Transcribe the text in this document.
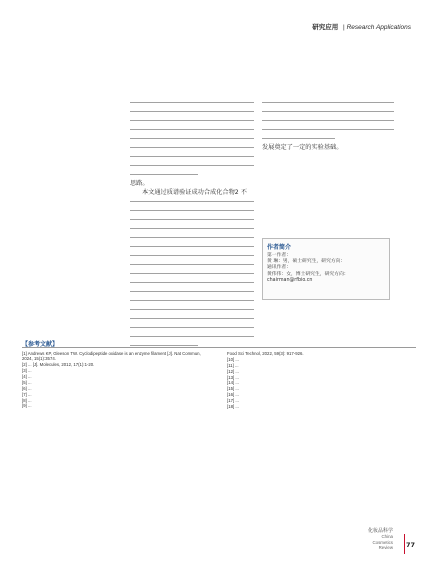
研究应用 | Research Applications
思路。
本文通过质谱验证成功合成化合物2 不
发展奠定了一定的实验基础。
作者简介
第一作者：
黄 琳：男，硕士研究生，研究方向：
通讯作者：
黄伟伟：女，博士研究生，研究方向：
chairman@rfbio.cn
【参考文献】
[1] Andrews KP, Gleeson TW. Cyclodipeptide oxidase is an enzyme filament [J]. Nat Commun, 2024, 15(1):3574.
[2] ... [J]. Molecules, 2012, 17(1):1-20.
[3] ...
[4] ...
[5] ...
[6] ...
[7] ...
[8] ...
[9] ...
Food Sci Technol, 2022, 59(3): 917-926.
[10] ...
[11] ...
[12] ...
[13] ...
[14] ...
[15] ...
[16] ...
[17] ...
[18] ...
化妆品科学
China
Cosmetics
Review 77
